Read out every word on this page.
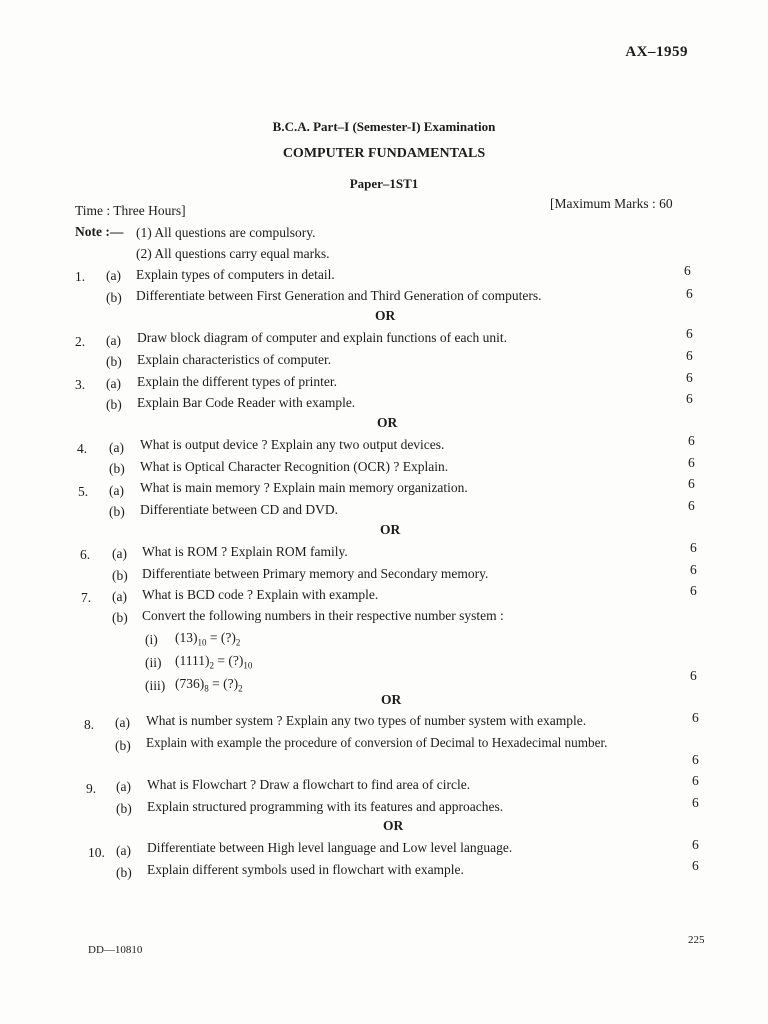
AX–1959
B.C.A. Part–I (Semester-I) Examination
COMPUTER FUNDAMENTALS
Paper–1ST1
Time : Three Hours]	[Maximum Marks : 60
Note :— (1) All questions are compulsory.
(2) All questions carry equal marks.
1. (a) Explain types of computers in detail.	6
(b) Differentiate between First Generation and Third Generation of computers.	6
OR
2. (a) Draw block diagram of computer and explain functions of each unit.	6
(b) Explain characteristics of computer.	6
3. (a) Explain the different types of printer.	6
(b) Explain Bar Code Reader with example.	6
OR
4. (a) What is output device ? Explain any two output devices.	6
(b) What is Optical Character Recognition (OCR) ? Explain.	6
5. (a) What is main memory ? Explain main memory organization.	6
(b) Differentiate between CD and DVD.	6
OR
6. (a) What is ROM ? Explain ROM family.	6
(b) Differentiate between Primary memory and Secondary memory.	6
7. (a) What is BCD code ? Explain with example.	6
(b) Convert the following numbers in their respective number system :
(i) $(13)_{10}$ = $(?)_2$
(ii) $(1111)_2$ = $(?)_{10}$
(iii) $(736)_8$ = $(?)_2$
6
OR
8. (a) What is number system ? Explain any two types of number system with example.	6
(b) Explain with example the procedure of conversion of Decimal to Hexadecimal number.
6
9. (a) What is Flowchart ? Draw a flowchart to find area of circle.	6
(b) Explain structured programming with its features and approaches.	6
OR
10. (a) Differentiate between High level language and Low level language.	6
(b) Explain different symbols used in flowchart with example.	6
DD—10810
225
